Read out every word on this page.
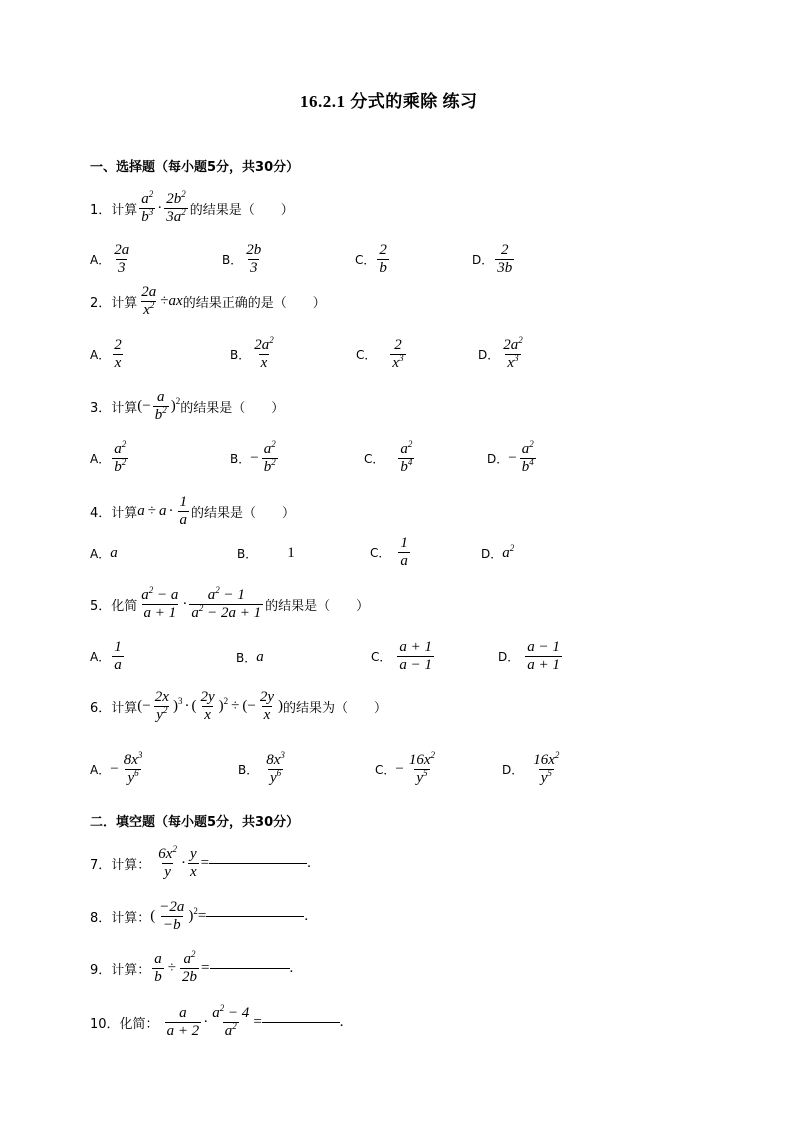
16.2.1 分式的乘除 练习
一、选择题（每小题5分，共30分）
1． 计算 $\frac{a^2}{b^3} \cdot \frac{2b^2}{3a^2}$ 的结果是（　　）
A． $\frac{2a}{3}$	B． $\frac{2b}{3}$	C． $\frac{2}{b}$	D． $\frac{2}{3b}$
2． 计算 $\frac{2a}{x^2}$ ÷ ax 的结果正确的是（　　）
A． $\frac{2}{x}$	B． $\frac{2a^2}{x}$	C． $\frac{2}{x^3}$	D． $\frac{2a^2}{x^3}$
3． 计算 ( − $\frac{a}{b^2} )^2$ 的结果是（　　）
A． $\frac{a^2}{b^2}$	B． − $\frac{a^2}{b^2}$	C． $\frac{a^2}{b^4}$	D． − $\frac{a^2}{b^4}$
4． 计算 $a \div a \cdot \frac{1}{a}$ 的结果是（　　）
A． a	B． 1	C． $\frac{1}{a}$	D． $a^2$
5． 化简 $\frac{a^2 - a}{a + 1} \cdot \frac{a^2 - 1}{a^2 - 2a + 1}$ 的结果是（　　）
A． $\frac{1}{a}$	B． a	C． $\frac{a + 1}{a - 1}$	D． $\frac{a - 1}{a + 1}$
6． 计算 ( − $\frac{2x}{y^2} )^3$ · ( $\frac{2y}{x} )^2$ ÷ ( − $\frac{2y}{x}$ ) 的结果为（　　）
A． − $\frac{8x^3}{y^6}$	B． $\frac{8x^3}{y^6}$	C． − $\frac{16x^2}{y^5}$	D． $\frac{16x^2}{y^5}$
二．填空题（每小题5分，共30分）
7． 计算： $\frac{6x^2}{y} \cdot \frac{y}{x}$ =	.
8． 计算： ( $\frac{-2a}{-b} )^2$ =	.
9． 计算： $\frac{a}{b} \div \frac{a^2}{2b}$ =	.
10． 化简： $\frac{a}{a + 2} \cdot \frac{a^2 - 4}{a^2}$ =	.
